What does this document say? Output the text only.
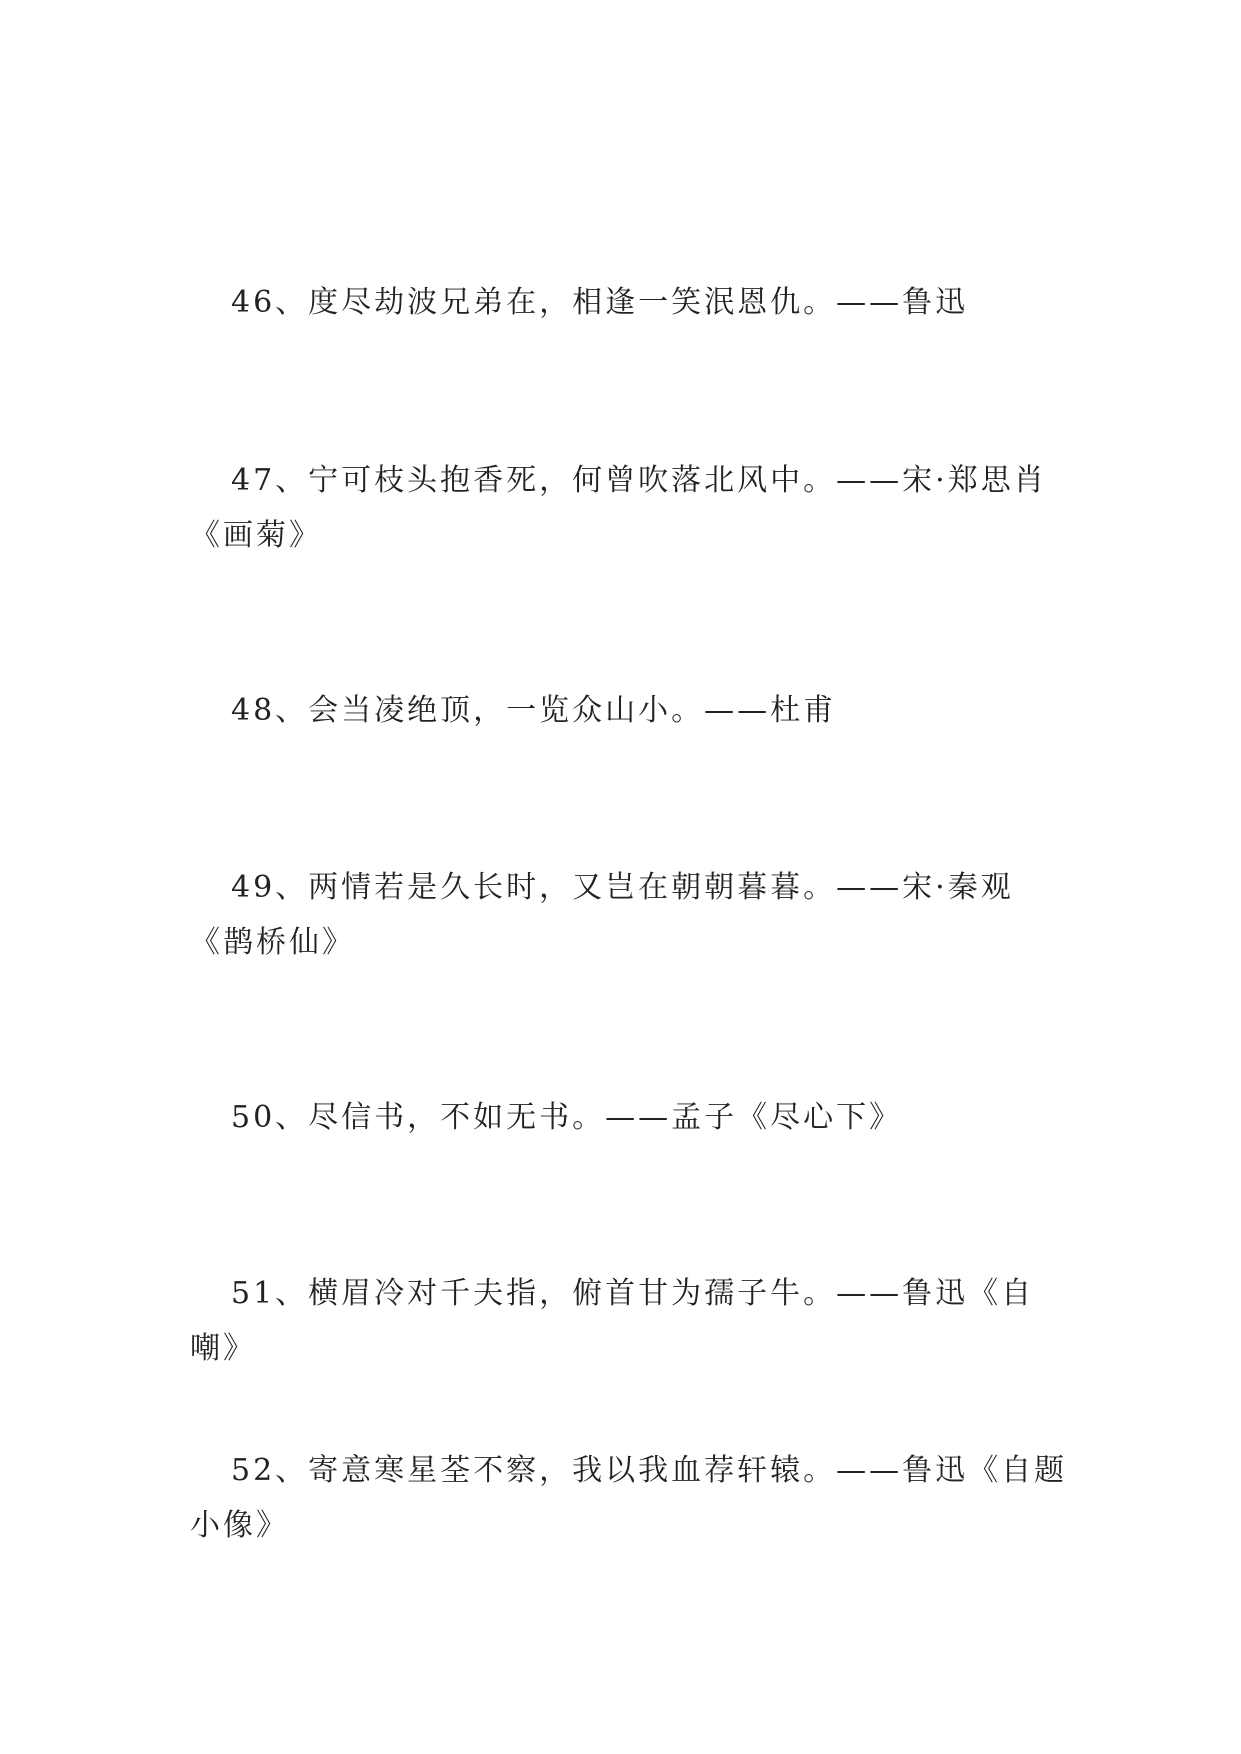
46、度尽劫波兄弟在，相逢一笑泯恩仇。——鲁迅

47、宁可枝头抱香死，何曾吹落北风中。——宋·郑思肖《画菊》

48、会当凌绝顶，一览众山小。——杜甫

49、两情若是久长时，又岂在朝朝暮暮。——宋·秦观《鹊桥仙》

50、尽信书，不如无书。——孟子《尽心下》

51、横眉冷对千夫指，俯首甘为孺子牛。——鲁迅《自嘲》

52、寄意寒星荃不察，我以我血荐轩辕。——鲁迅《自题小像》
